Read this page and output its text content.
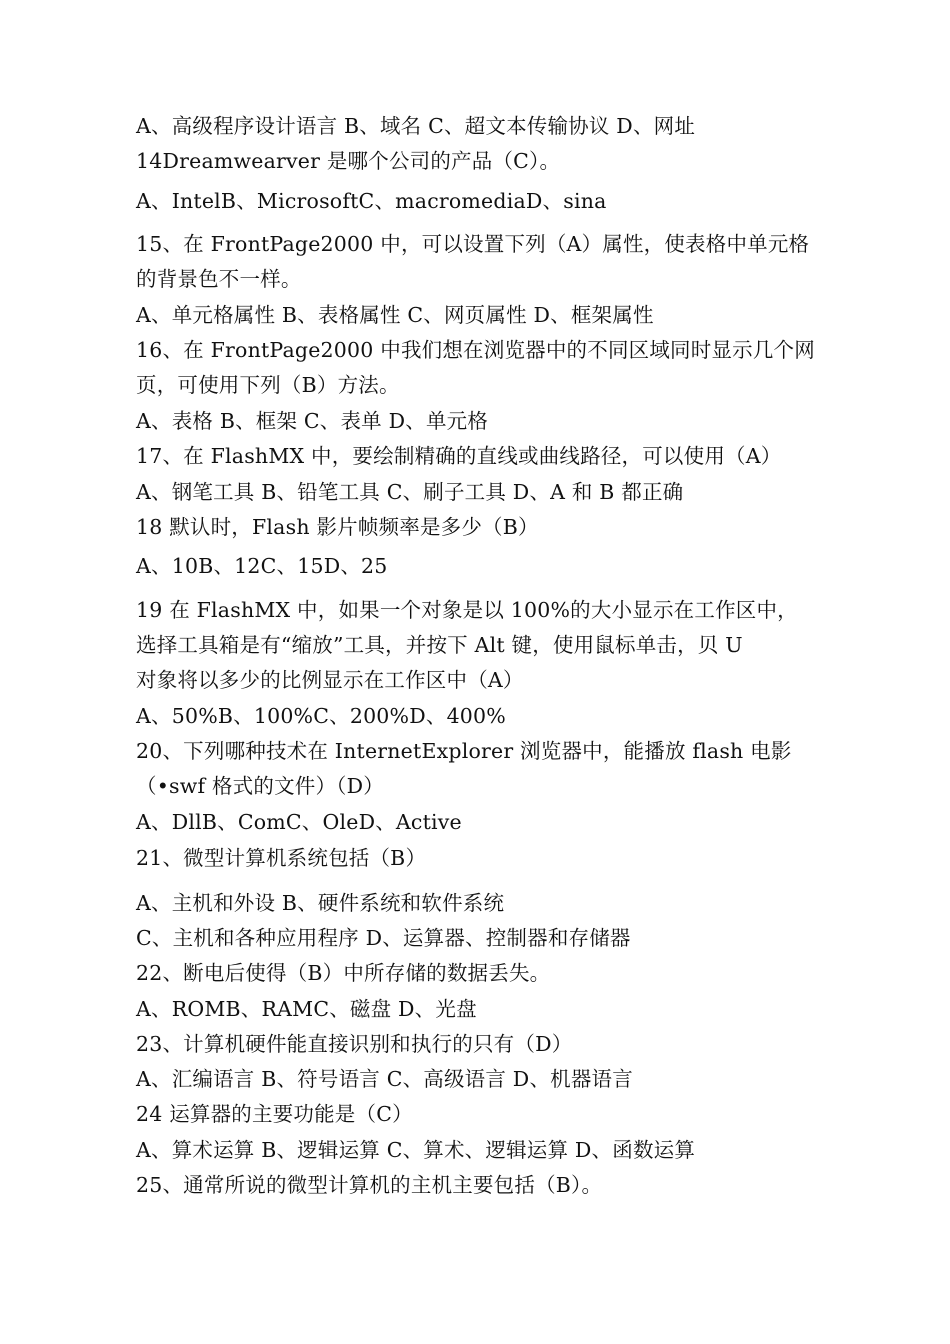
A、高级程序设计语言 B、域名 C、超文本传输协议 D、网址
14Dreamwearver 是哪个公司的产品（C）。
A、IntelB、MicrosoftC、macromediaD、sina
15、在 FrontPage2000 中，可以设置下列（A）属性，使表格中单元格
的背景色不一样。
A、单元格属性 B、表格属性 C、网页属性 D、框架属性
16、在 FrontPage2000 中我们想在浏览器中的不同区域同时显示几个网
页，可使用下列（B）方法。
A、表格 B、框架 C、表单 D、单元格
17、在 FlashMX 中，要绘制精确的直线或曲线路径，可以使用（A）
A、钢笔工具 B、铅笔工具 C、刷子工具 D、A 和 B 都正确
18 默认时，Flash 影片帧频率是多少（B）
A、10B、12C、15D、25
19 在 FlashMX 中，如果一个对象是以 100%的大小显示在工作区中，
选择工具箱是有“缩放”工具，并按下 Alt 键，使用鼠标单击，贝 U
对象将以多少的比例显示在工作区中（A）
A、50%B、100%C、200%D、400%
20、下列哪种技术在 InternetExplorer 浏览器中，能播放 flash 电影
（•swf 格式的文件）（D）
A、DllB、ComC、OleD、Active
21、微型计算机系统包括（B）
A、主机和外设 B、硬件系统和软件系统
C、主机和各种应用程序 D、运算器、控制器和存储器
22、断电后使得（B）中所存储的数据丢失。
A、ROMB、RAMC、磁盘 D、光盘
23、计算机硬件能直接识别和执行的只有（D）
A、汇编语言 B、符号语言 C、高级语言 D、机器语言
24 运算器的主要功能是（C）
A、算术运算 B、逻辑运算 C、算术、逻辑运算 D、函数运算
25、通常所说的微型计算机的主机主要包括（B）。
